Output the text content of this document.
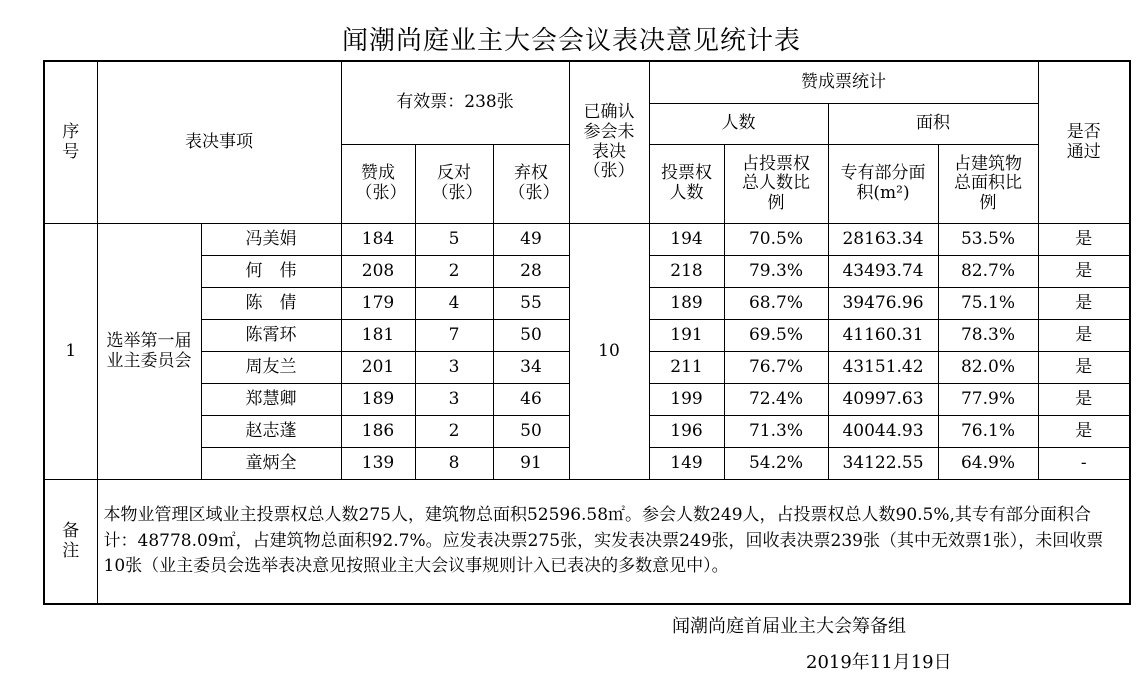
闻潮尚庭业主大会会议表决意见统计表
序号	表决事项		有效票：238张			已确认参会未表决（张）	赞成票统计				是否通过
							人数		面积		
			赞成（张）	反对（张）	弃权（张）		投票权人数	占投票权总人数比例	专有部分面积(m²)	占建筑物总面积比例	
1	选举第一届业主委员会	冯美娟	184	5	49	10	194	70.5%	28163.34	53.5%	是
		何　伟	208	2	28		218	79.3%	43493.74	82.7%	是
		陈　倩	179	4	55		189	68.7%	39476.96	75.1%	是
		陈霄环	181	7	50		191	69.5%	41160.31	78.3%	是
		周友兰	201	3	34		211	76.7%	43151.42	82.0%	是
		郑慧卿	189	3	46		199	72.4%	40997.63	77.9%	是
		赵志蓬	186	2	50		196	71.3%	40044.93	76.1%	是
		童炳全	139	8	91		149	54.2%	34122.55	64.9%	-
备注	本物业管理区域业主投票权总人数275人，建筑物总面积52596.58㎡。参会人数249人，占投票权总人数90.5%,其专有部分面积合计：48778.09㎡，占建筑物总面积92.7%。应发表决票275张，实发表决票249张，回收表决票239张（其中无效票1张），未回收票10张（业主委员会选举表决意见按照业主大会议事规则计入已表决的多数意见中）。										
闻潮尚庭首届业主大会筹备组
2019年11月19日
